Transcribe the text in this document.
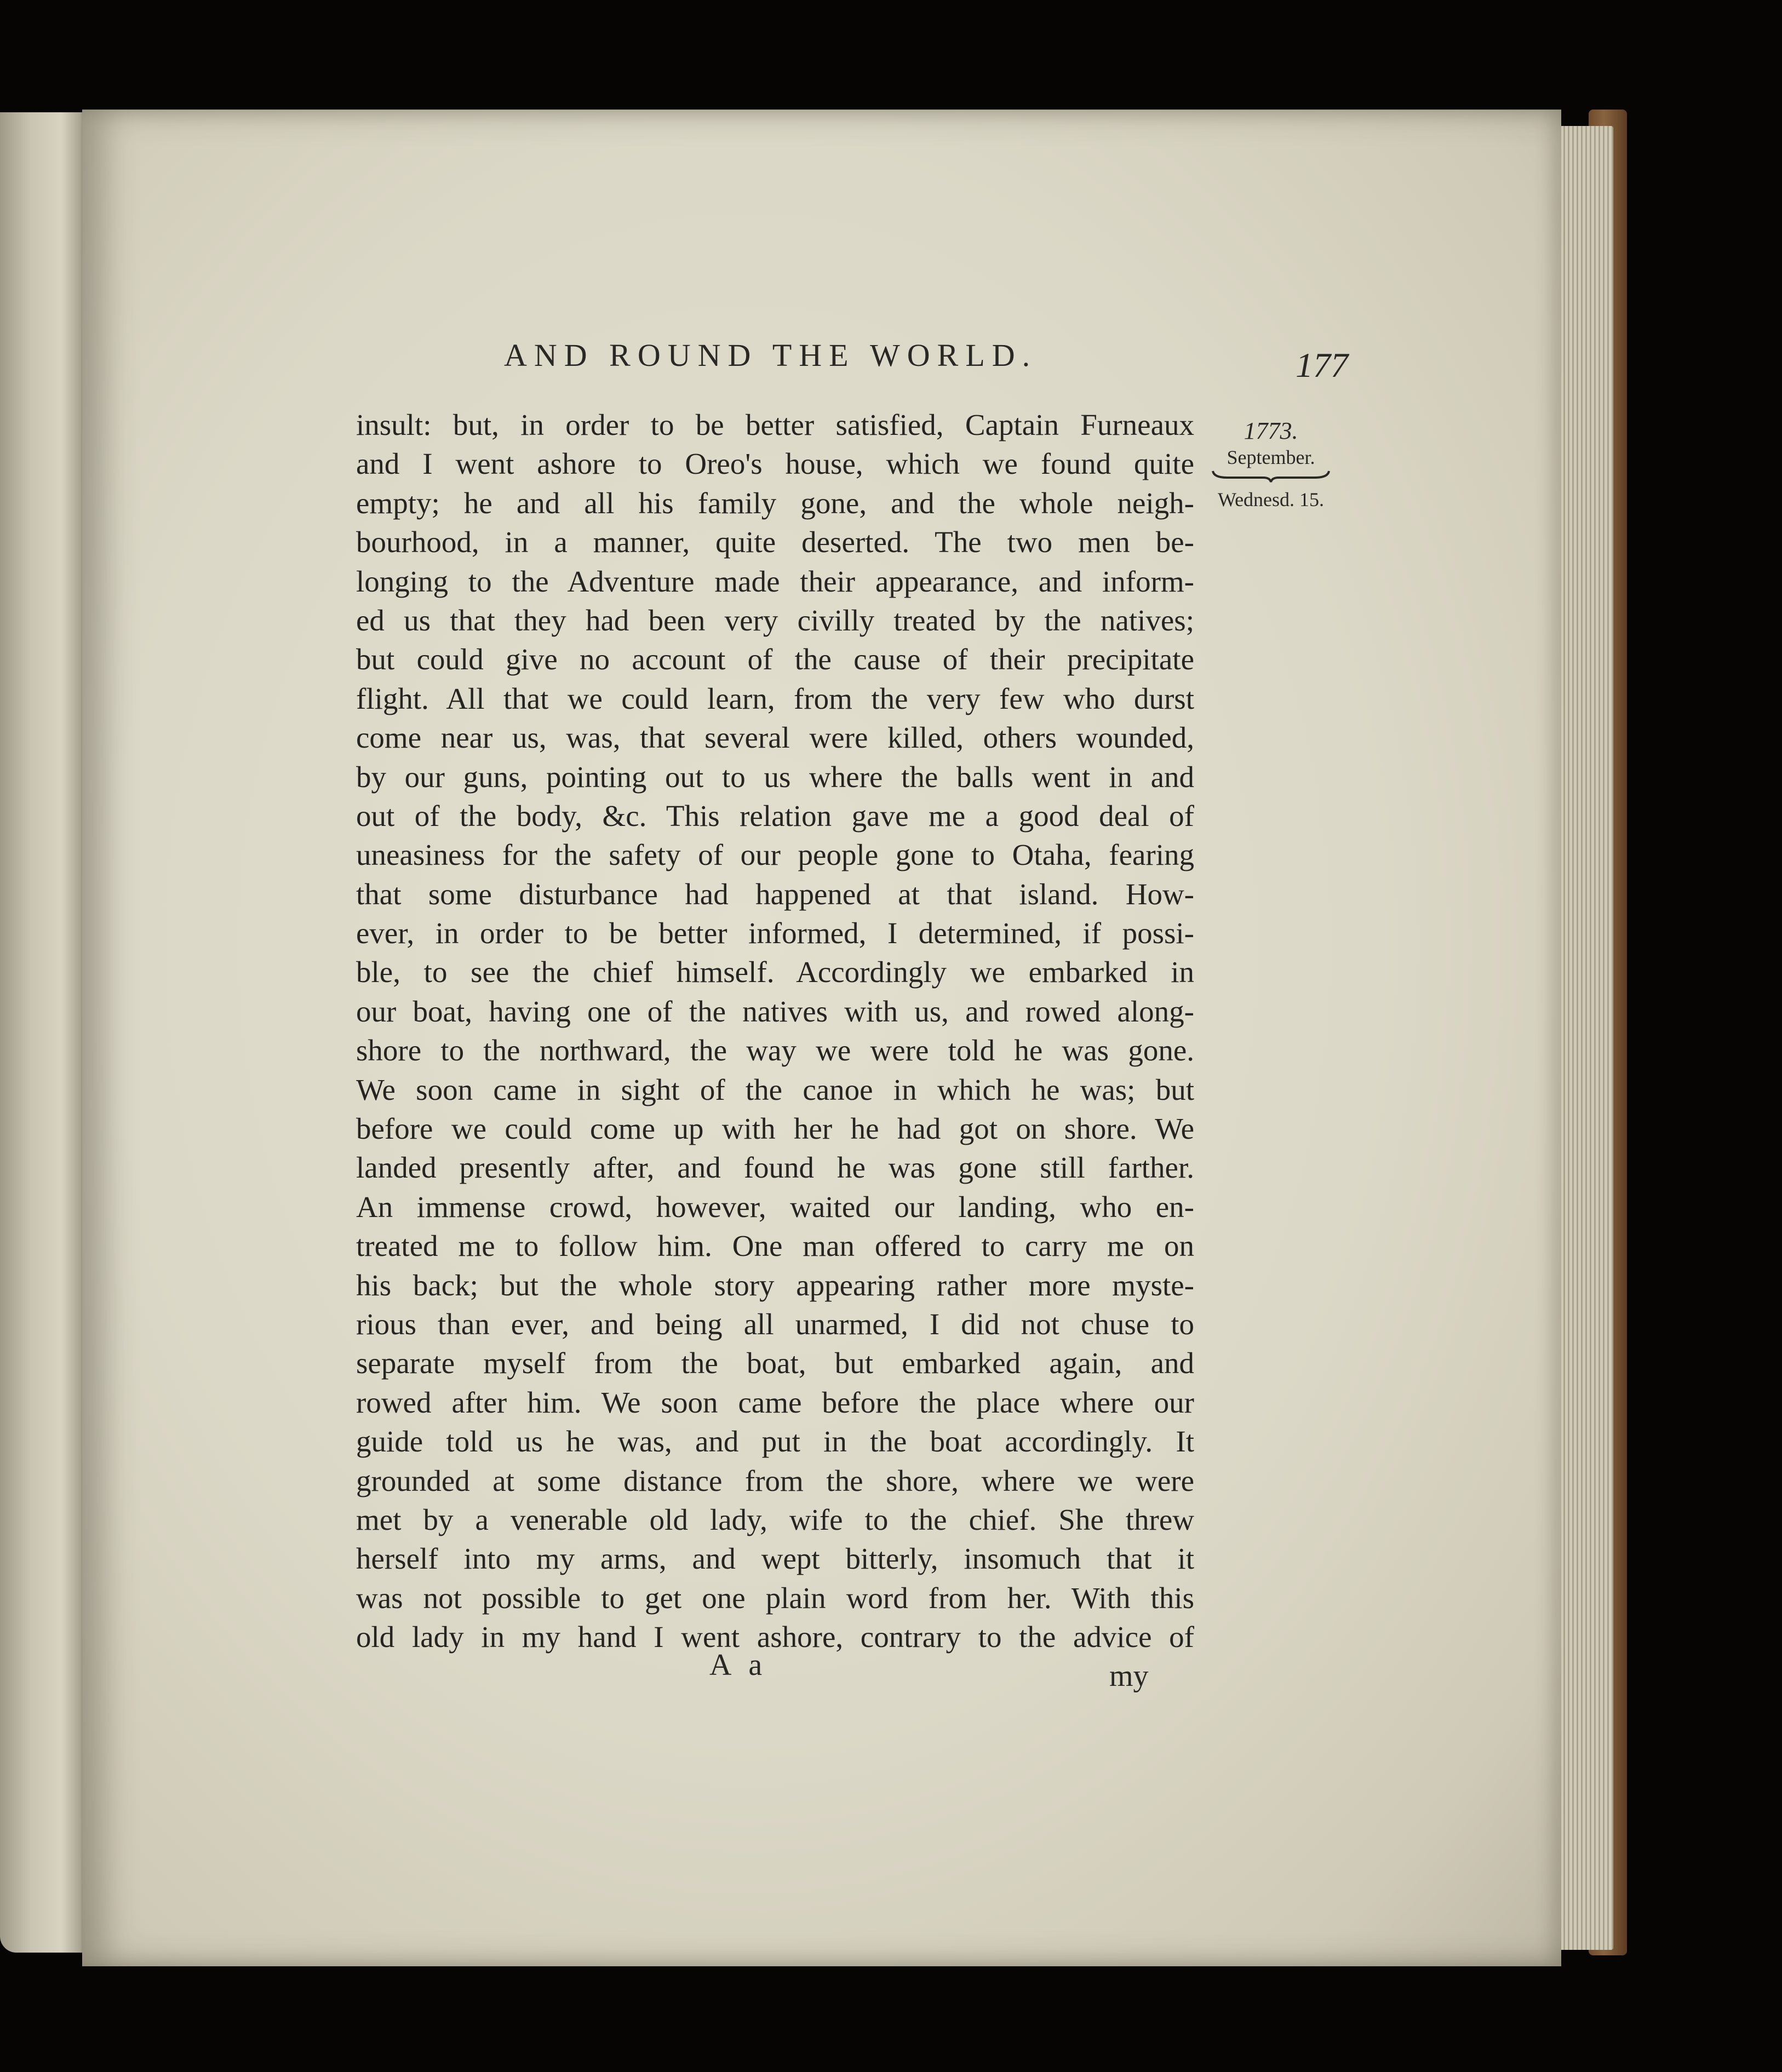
AND ROUND THE WORLD.	177
1773.
September.
Wednesd. 15.
insult: but, in order to be better satisfied, Captain Furneaux
and I went ashore to Oreo's house, which we found quite
empty; he and all his family gone, and the whole neigh-
bourhood, in a manner, quite deserted. The two men be-
longing to the Adventure made their appearance, and inform-
ed us that they had been very civilly treated by the natives;
but could give no account of the cause of their precipitate
flight. All that we could learn, from the very few who durst
come near us, was, that several were killed, others wounded,
by our guns, pointing out to us where the balls went in and
out of the body, &c. This relation gave me a good deal of
uneasiness for the safety of our people gone to Otaha, fearing
that some disturbance had happened at that island. How-
ever, in order to be better informed, I determined, if possi-
ble, to see the chief himself. Accordingly we embarked in
our boat, having one of the natives with us, and rowed along-
shore to the northward, the way we were told he was gone.
We soon came in sight of the canoe in which he was; but
before we could come up with her he had got on shore. We
landed presently after, and found he was gone still farther.
An immense crowd, however, waited our landing, who en-
treated me to follow him. One man offered to carry me on
his back; but the whole story appearing rather more myste-
rious than ever, and being all unarmed, I did not chuse to
separate myself from the boat, but embarked again, and
rowed after him. We soon came before the place where our
guide told us he was, and put in the boat accordingly. It
grounded at some distance from the shore, where we were
met by a venerable old lady, wife to the chief. She threw
herself into my arms, and wept bitterly, insomuch that it
was not possible to get one plain word from her. With this
old lady in my hand I went ashore, contrary to the advice of
A a	my
